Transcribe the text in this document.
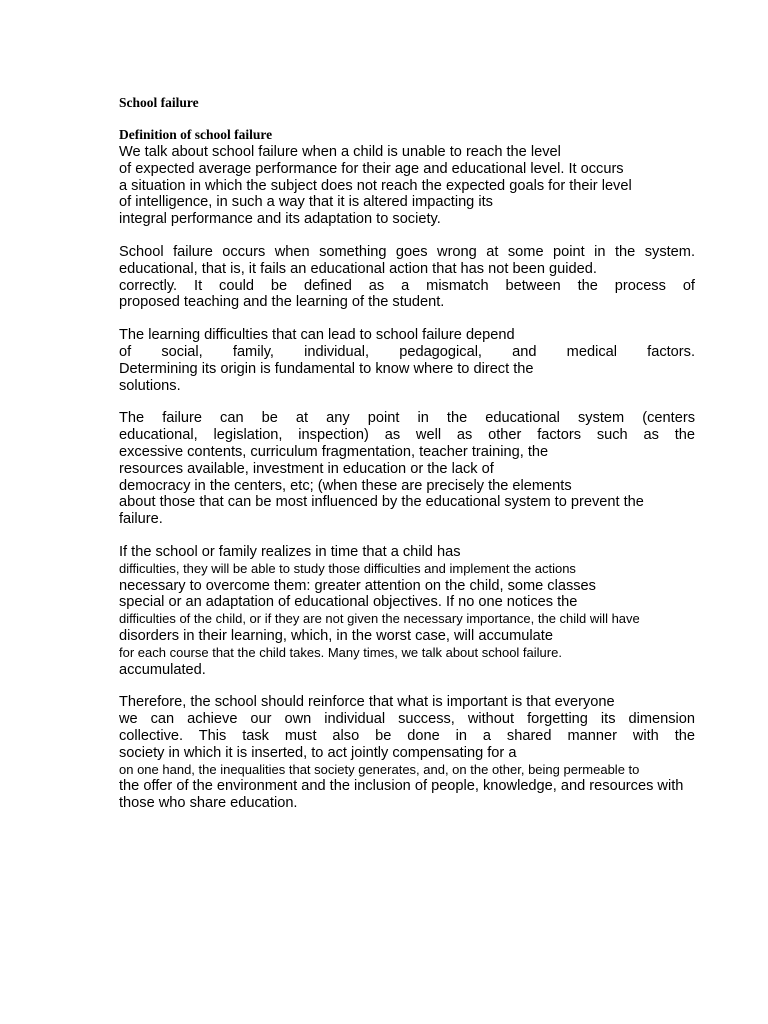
School failure
Definition of school failure
We talk about school failure when a child is unable to reach the level
of expected average performance for their age and educational level. It occurs
a situation in which the subject does not reach the expected goals for their level
of intelligence, in such a way that it is altered impacting its
integral performance and its adaptation to society.
School failure occurs when something goes wrong at some point in the system.
educational, that is, it fails an educational action that has not been guided.
correctly. It could be defined as a mismatch between the process of
proposed teaching and the learning of the student.
The learning difficulties that can lead to school failure depend
of social, family, individual, pedagogical, and medical factors.
Determining its origin is fundamental to know where to direct the
solutions.
The failure can be at any point in the educational system (centers
educational, legislation, inspection) as well as other factors such as the
excessive contents, curriculum fragmentation, teacher training, the
resources available, investment in education or the lack of
democracy in the centers, etc; (when these are precisely the elements
about those that can be most influenced by the educational system to prevent the
failure.
If the school or family realizes in time that a child has
difficulties, they will be able to study those difficulties and implement the actions
necessary to overcome them: greater attention on the child, some classes
special or an adaptation of educational objectives. If no one notices the
difficulties of the child, or if they are not given the necessary importance, the child will have
disorders in their learning, which, in the worst case, will accumulate
for each course that the child takes. Many times, we talk about school failure.
accumulated.
Therefore, the school should reinforce that what is important is that everyone
we can achieve our own individual success, without forgetting its dimension
collective. This task must also be done in a shared manner with the
society in which it is inserted, to act jointly compensating for a
on one hand, the inequalities that society generates, and, on the other, being permeable to
the offer of the environment and the inclusion of people, knowledge, and resources with
those who share education.
